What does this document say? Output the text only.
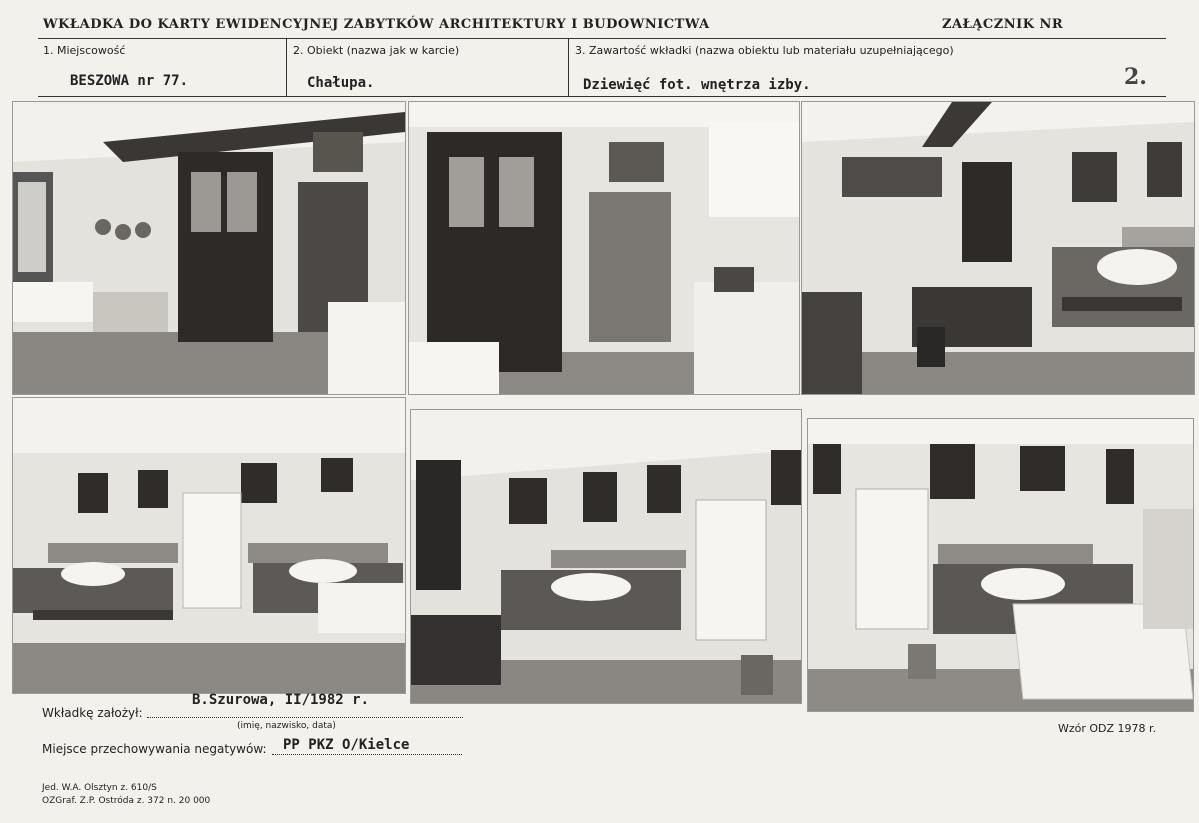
WKŁADKA DO KARTY EWIDENCYJNEJ ZABYTKÓW ARCHITEKTURY I BUDOWNICTWA	ZAŁĄCZNIK NR
1. Miejscowość
BESZOWA nr 77.
2. Obiekt (nazwa jak w karcie)
Chałupa.
3. Zawartość wkładki (nazwa obiektu lub materiału uzupełniającego)
Dziewięć fot. wnętrza izby.	2.
Wkładkę założył:
B.Szurowa, II/1982 r.
(imię, nazwisko, data)
Miejsce przechowywania negatywów: PP PKZ O/Kielce
Wzór ODZ 1978 r.
Jed. W.A. Olsztyn z. 610/S
OZGraf. Z.P. Ostróda z. 372 n. 20 000
